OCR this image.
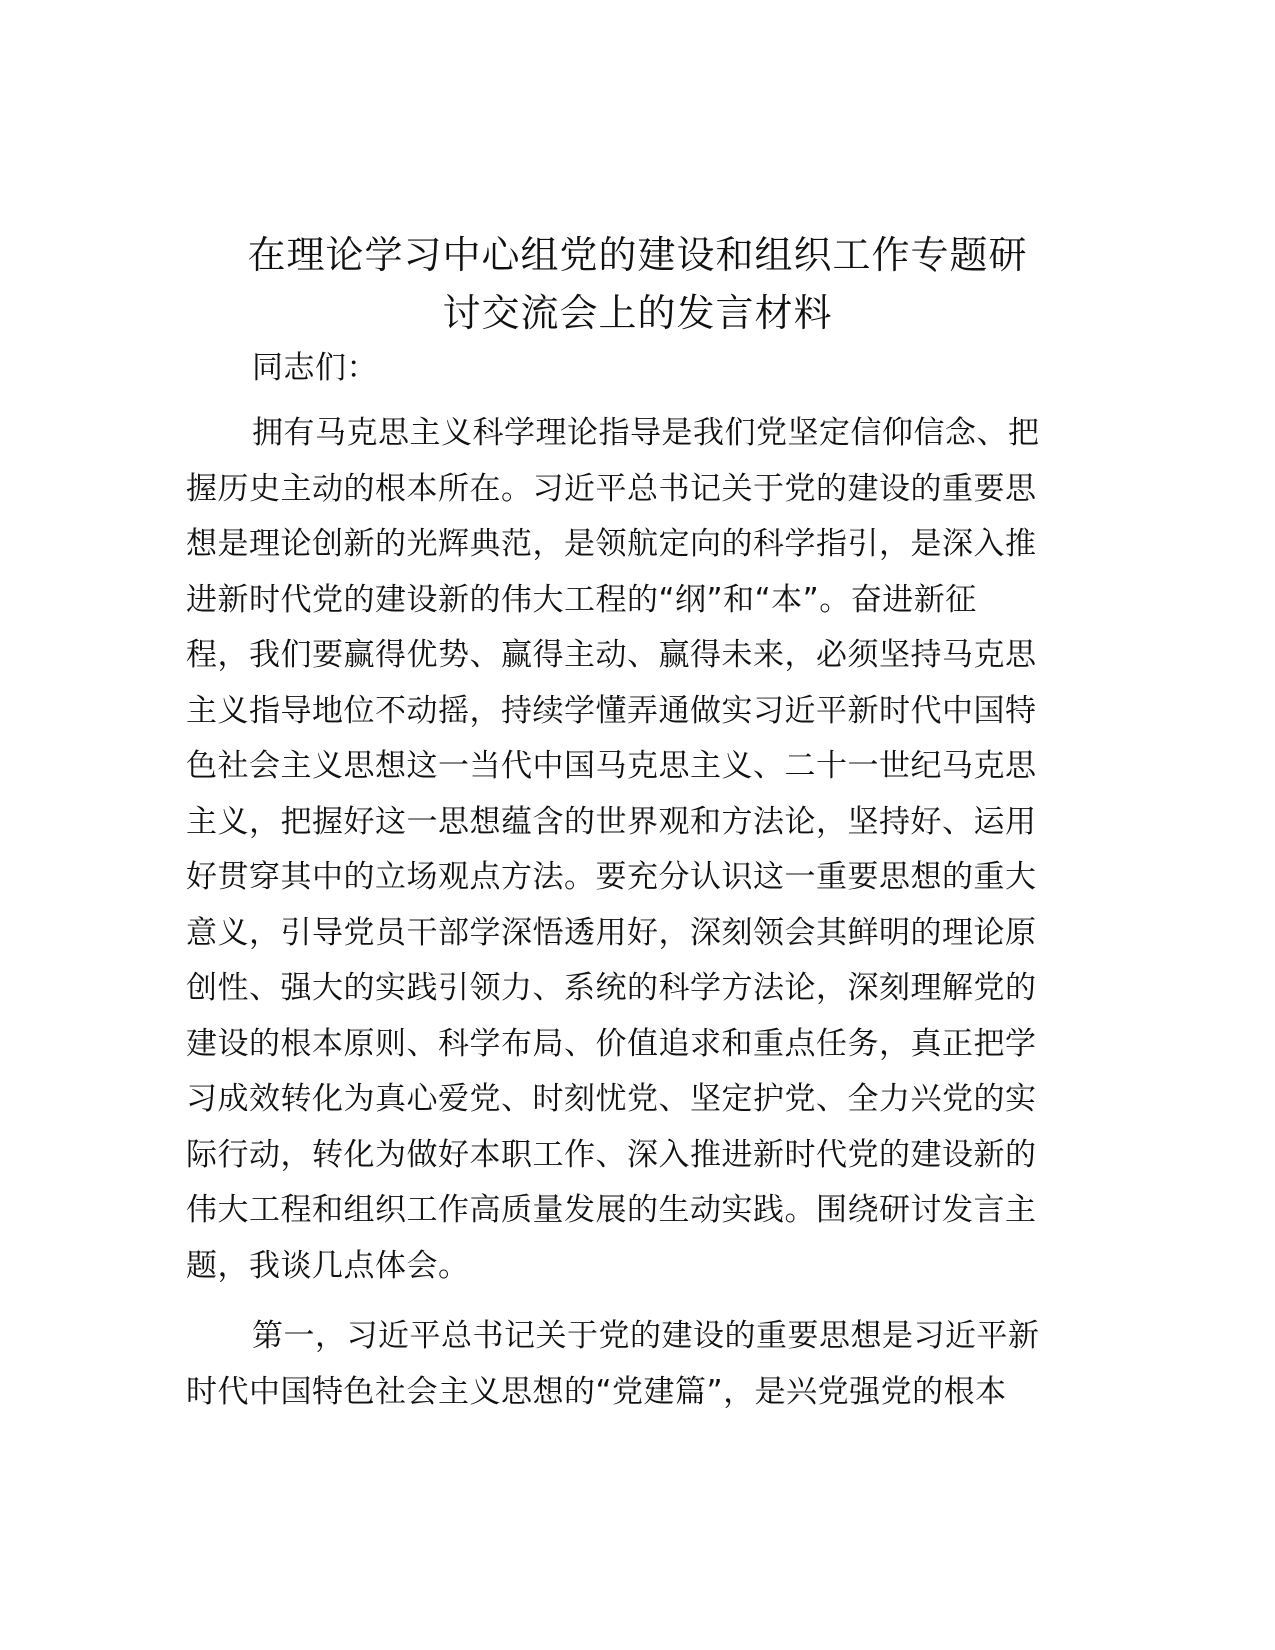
在理论学习中心组党的建设和组织工作专题研
讨交流会上的发言材料
同志们：
拥有马克思主义科学理论指导是我们党坚定信仰信念、把
握历史主动的根本所在。习近平总书记关于党的建设的重要思
想是理论创新的光辉典范，是领航定向的科学指引，是深入推
进新时代党的建设新的伟大工程的“纲”和“本”。奋进新征
程，我们要赢得优势、赢得主动、赢得未来，必须坚持马克思
主义指导地位不动摇，持续学懂弄通做实习近平新时代中国特
色社会主义思想这一当代中国马克思主义、二十一世纪马克思
主义，把握好这一思想蕴含的世界观和方法论，坚持好、运用
好贯穿其中的立场观点方法。要充分认识这一重要思想的重大
意义，引导党员干部学深悟透用好，深刻领会其鲜明的理论原
创性、强大的实践引领力、系统的科学方法论，深刻理解党的
建设的根本原则、科学布局、价值追求和重点任务，真正把学
习成效转化为真心爱党、时刻忧党、坚定护党、全力兴党的实
际行动，转化为做好本职工作、深入推进新时代党的建设新的
伟大工程和组织工作高质量发展的生动实践。围绕研讨发言主
题，我谈几点体会。
第一，习近平总书记关于党的建设的重要思想是习近平新
时代中国特色社会主义思想的“党建篇”，是兴党强党的根本
